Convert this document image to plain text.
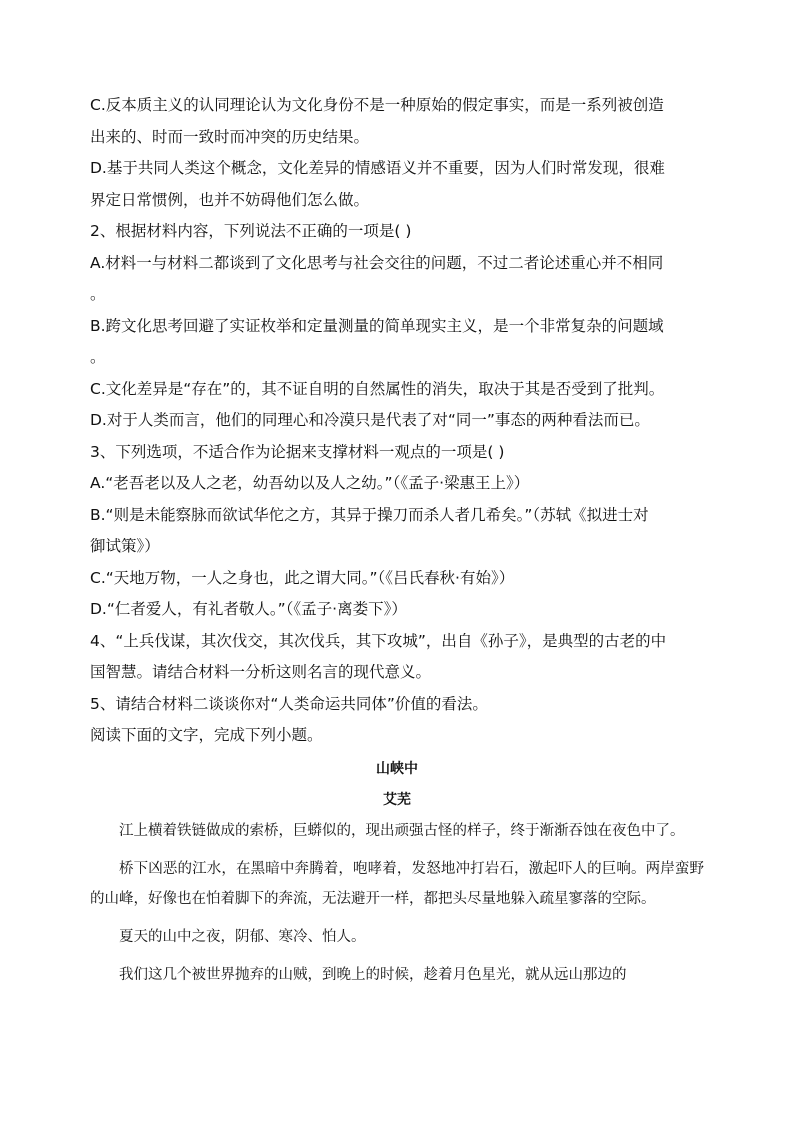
C.反本质主义的认同理论认为文化身份不是一种原始的假定事实，而是一系列被创造
出来的、时而一致时而冲突的历史结果。
D.基于共同人类这个概念，文化差异的情感语义并不重要，因为人们时常发现，很难
界定日常惯例，也并不妨碍他们怎么做。
2、根据材料内容，下列说法不正确的一项是( )
A.材料一与材料二都谈到了文化思考与社会交往的问题，不过二者论述重心并不相同
。
B.跨文化思考回避了实证枚举和定量测量的简单现实主义，是一个非常复杂的问题域
。
C.文化差异是“存在”的，其不证自明的自然属性的消失，取决于其是否受到了批判。
D.对于人类而言，他们的同理心和冷漠只是代表了对“同一”事态的两种看法而已。
3、下列选项，不适合作为论据来支撑材料一观点的一项是( )
A.“老吾老以及人之老，幼吾幼以及人之幼。”（《孟子·梁惠王上》）
B.“则是未能察脉而欲试华佗之方，其异于操刀而杀人者几希矣。”（苏轼《拟进士对
御试策》）
C.“天地万物，一人之身也，此之谓大同。”（《吕氏春秋·有始》）
D.“仁者爱人，有礼者敬人。”（《孟子·离娄下》）
4、“上兵伐谋，其次伐交，其次伐兵，其下攻城”，出自《孙子》，是典型的古老的中
国智慧。请结合材料一分析这则名言的现代意义。
5、请结合材料二谈谈你对“人类命运共同体”价值的看法。
阅读下面的文字，完成下列小题。
山峡中
艾芜

江上横着铁链做成的索桥，巨蟒似的，现出顽强古怪的样子，终于渐渐吞蚀在夜色中了。

桥下凶恶的江水，在黑暗中奔腾着，咆哮着，发怒地冲打岩石，激起吓人的巨响。两岸蛮野的山峰，好像也在怕着脚下的奔流，无法避开一样，都把头尽量地躲入疏星寥落的空际。

夏天的山中之夜，阴郁、寒冷、怕人。

我们这几个被世界抛弃的山贼，到晚上的时候，趁着月色星光，就从远山那边的
